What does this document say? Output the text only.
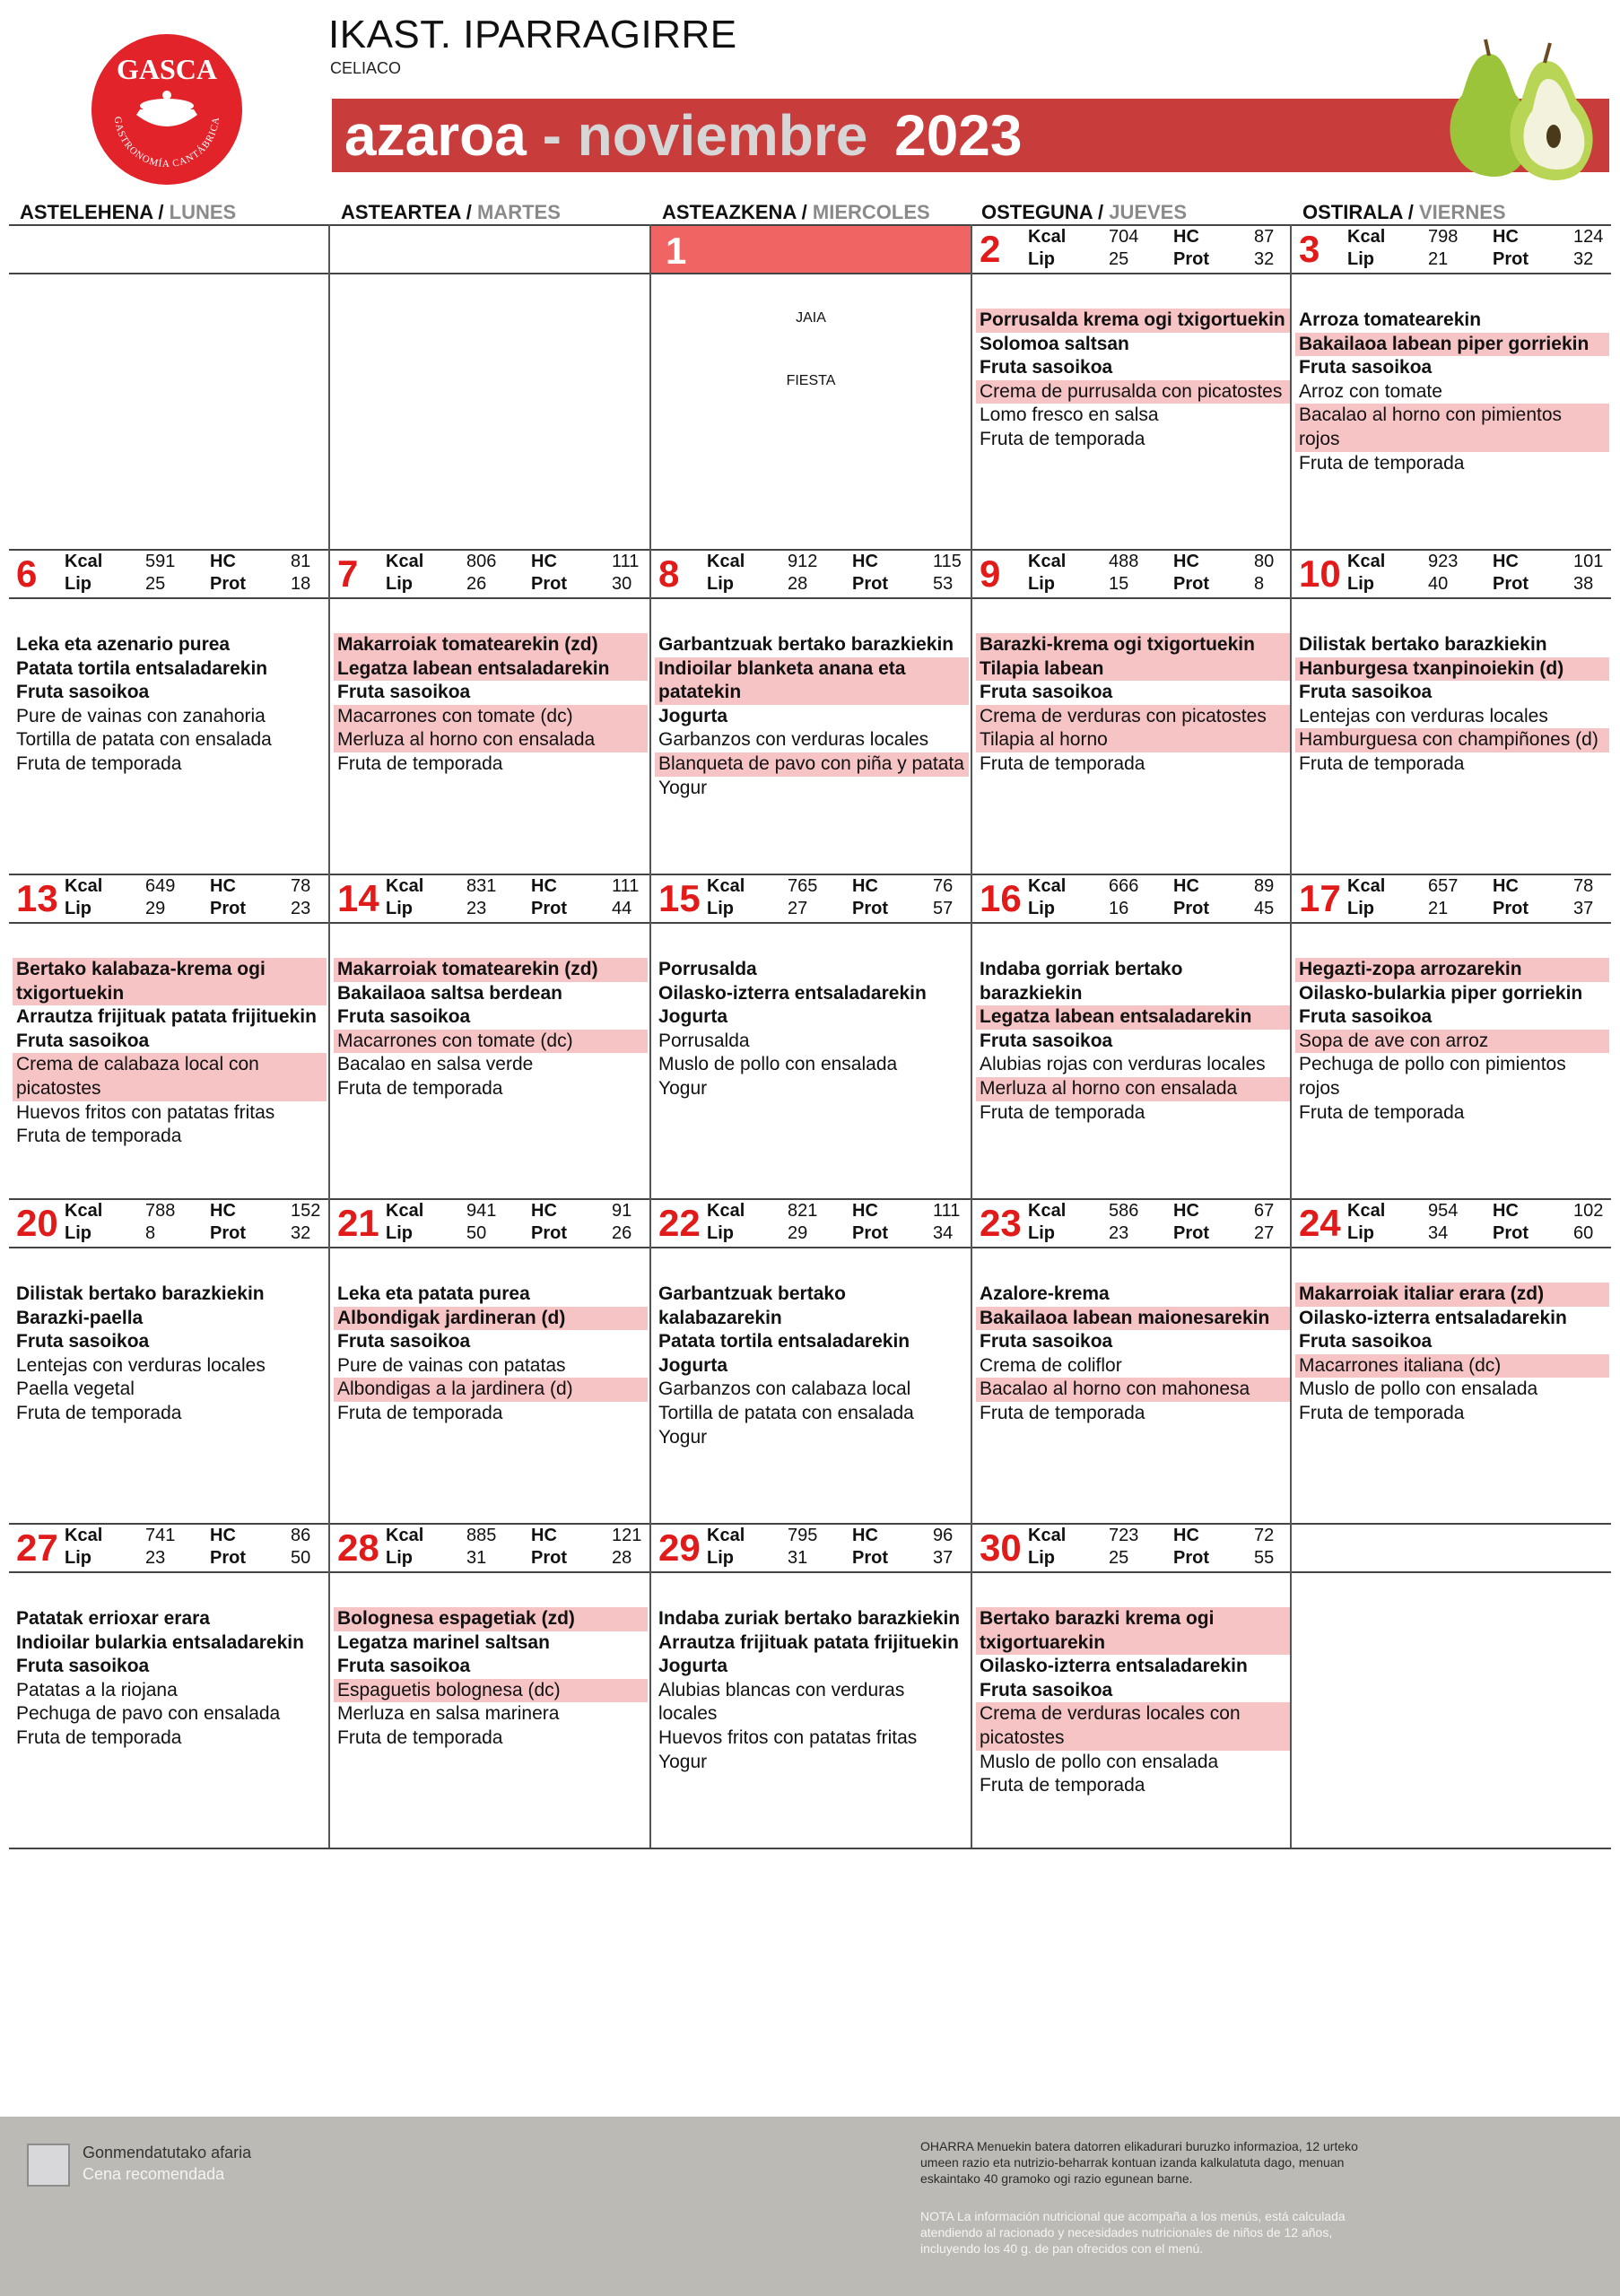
GASCA
GASTRONOMÍA CANTÁBRICA
IKAST. IPARRAGIRRE
CELIACO
azaroa - noviembre 2023
ASTELEHENA / LUNES	ASTEARTEA / MARTES	ASTEAZKENA / MIERCOLES	OSTEGUNA / JUEVES	OSTIRALA / VIERNES
2 Kcal 704 HC	87
Lip	25 Prot	32
Porrusalda krema ogi txigortuekin
Solomoa saltsan
Fruta sasoikoa
Crema de purrusalda con picatostes
Lomo fresco en salsa
Fruta de temporada
3 Kcal 798 HC	124
Lip	21 Prot	32
Arroza tomatearekin
Bakailaoa labean piper gorriekin
Fruta sasoikoa
Arroz con tomate
Bacalao al horno con pimientos rojos
Fruta de temporada
6 Kcal 591 HC	81
Lip	25 Prot	18
Leka eta azenario purea
Patata tortila entsaladarekin
Fruta sasoikoa
Pure de vainas con zanahoria
Tortilla de patata con ensalada
Fruta de temporada
7 Kcal 806 HC	111
Lip	26 Prot	30
Makarroiak tomatearekin (zd)
Legatza labean entsaladarekin
Fruta sasoikoa
Macarrones con tomate (dc)
Merluza al horno con ensalada
Fruta de temporada
8 Kcal 912 HC	115
Lip	28 Prot	53
Garbantzuak bertako barazkiekin
Indioilar blanketa anana eta patatekin
Jogurta
Garbanzos con verduras locales
Blanqueta de pavo con piña y patata
Yogur
9 Kcal 488 HC	80
Lip	15 Prot	8
Barazki-krema ogi txigortuekin
Tilapia labean
Fruta sasoikoa
Crema de verduras con picatostes
Tilapia al horno
Fruta de temporada
10 Kcal 923 HC	101
Lip	40 Prot	38
Dilistak bertako barazkiekin
Hanburgesa txanpinoiekin (d)
Fruta sasoikoa
Lentejas con verduras locales
Hamburguesa con champiñones (d)
Fruta de temporada
13 Kcal 649 HC	78
Lip	29 Prot	23
Bertako kalabaza-krema ogi txigortuekin
Arrautza frijituak patata frijituekin
Fruta sasoikoa
Crema de calabaza local con picatostes
Huevos fritos con patatas fritas
Fruta de temporada
14 Kcal 831 HC	111
Lip	23 Prot	44
Makarroiak tomatearekin (zd)
Bakailaoa saltsa berdean
Fruta sasoikoa
Macarrones con tomate (dc)
Bacalao en salsa verde
Fruta de temporada
15 Kcal 765 HC	76
Lip	27 Prot	57
Porrusalda
Oilasko-izterra entsaladarekin
Jogurta
Porrusalda
Muslo de pollo con ensalada
Yogur
16 Kcal 666 HC	89
Lip	16 Prot	45
Indaba gorriak bertako barazkiekin
Legatza labean entsaladarekin
Fruta sasoikoa
Alubias rojas con verduras locales
Merluza al horno con ensalada
Fruta de temporada
17 Kcal 657 HC	78
Lip	21 Prot	37
Hegazti-zopa arrozarekin
Oilasko-bularkia piper gorriekin
Fruta sasoikoa
Sopa de ave con arroz
Pechuga de pollo con pimientos rojos
Fruta de temporada
20 Kcal 788 HC	152
Lip	8	Prot	32
Dilistak bertako barazkiekin
Barazki-paella
Fruta sasoikoa
Lentejas con verduras locales
Paella vegetal
Fruta de temporada
21 Kcal 941 HC	91
Lip	50 Prot	26
Leka eta patata purea
Albondigak jardineran (d)
Fruta sasoikoa
Pure de vainas con patatas
Albondigas a la jardinera (d)
Fruta de temporada
22 Kcal 821 HC	111
Lip	29 Prot	34
Garbantzuak bertako kalabazarekin
Patata tortila entsaladarekin
Jogurta
Garbanzos con calabaza local
Tortilla de patata con ensalada
Yogur
23 Kcal 586 HC	67
Lip	23 Prot	27
Azalore-krema
Bakailaoa labean maionesarekin
Fruta sasoikoa
Crema de coliflor
Bacalao al horno con mahonesa
Fruta de temporada
24 Kcal 954 HC	102
Lip	34 Prot	60
Makarroiak italiar erara (zd)
Oilasko-izterra entsaladarekin
Fruta sasoikoa
Macarrones italiana (dc)
Muslo de pollo con ensalada
Fruta de temporada
27 Kcal 741 HC	86
Lip	23 Prot	50
Patatak errioxar erara
Indioilar bularkia entsaladarekin
Fruta sasoikoa
Patatas a la riojana
Pechuga de pavo con ensalada
Fruta de temporada
28 Kcal 885 HC	121
Lip	31 Prot	28
Bolognesa espagetiak (zd)
Legatza marinel saltsan
Fruta sasoikoa
Espaguetis bolognesa (dc)
Merluza en salsa marinera
Fruta de temporada
29 Kcal 795 HC	96
Lip	31 Prot	37
Indaba zuriak bertako barazkiekin
Arrautza frijituak patata frijituekin
Jogurta
Alubias blancas con verduras locales
Huevos fritos con patatas fritas
Yogur
30 Kcal 723 HC	72
Lip	25 Prot	55
Bertako barazki krema ogi txigortuarekin
Oilasko-izterra entsaladarekin
Fruta sasoikoa
Crema de verduras locales con picatostes
Muslo de pollo con ensalada
Fruta de temporada
1
JAIA
FIESTA
Gonmendatutako afaria
Cena recomendada
OHARRA Menuekin batera datorren elikadurari buruzko informazioa, 12 urteko umeen razio eta nutrizio-beharrak kontuan izanda kalkulatuta dago, menuan eskaintako 40 gramoko ogi razio egunean barne.
NOTA La información nutricional que acompaña a los menús, está calculada atendiendo al racionado y necesidades nutricionales de niños de 12 años, incluyendo los 40 g. de pan ofrecidos con el menú.
